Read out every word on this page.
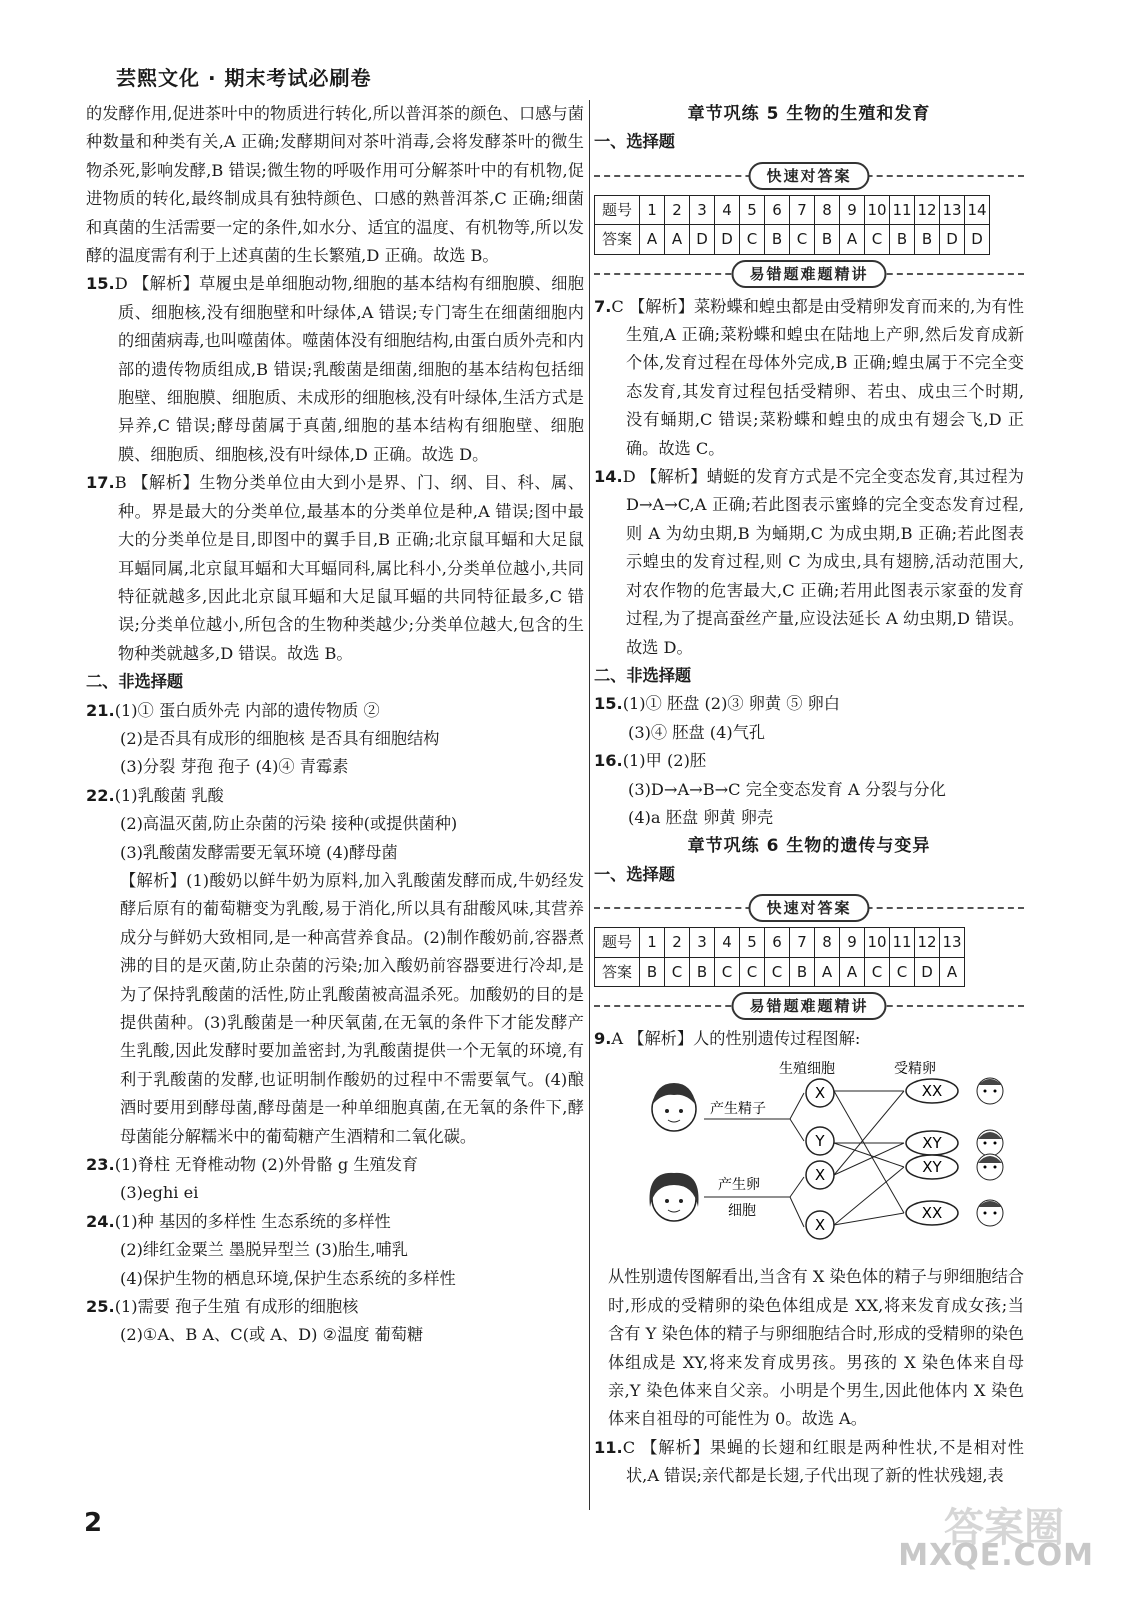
芸熙文化 · 期末考试必刷卷

的发酵作用,促进茶叶中的物质进行转化,所以普洱茶的颜色、口感与菌种数量和种类有关,A 正确;发酵期间对茶叶消毒,会将发酵茶叶的微生物杀死,影响发酵,B 错误;微生物的呼吸作用可分解茶叶中的有机物,促进物质的转化,最终制成具有独特颜色、口感的熟普洱茶,C 正确;细菌和真菌的生活需要一定的条件,如水分、适宜的温度、有机物等,所以发酵的温度需有利于上述真菌的生长繁殖,D 正确。故选 B。

15.D 【解析】草履虫是单细胞动物,细胞的基本结构有细胞膜、细胞质、细胞核,没有细胞壁和叶绿体,A 错误;专门寄生在细菌细胞内的细菌病毒,也叫噬菌体。噬菌体没有细胞结构,由蛋白质外壳和内部的遗传物质组成,B 错误;乳酸菌是细菌,细胞的基本结构包括细胞壁、细胞膜、细胞质、未成形的细胞核,没有叶绿体,生活方式是异养,C 错误;酵母菌属于真菌,细胞的基本结构有细胞壁、细胞膜、细胞质、细胞核,没有叶绿体,D 正确。故选 D。

17.B 【解析】生物分类单位由大到小是界、门、纲、目、科、属、种。界是最大的分类单位,最基本的分类单位是种,A 错误;图中最大的分类单位是目,即图中的翼手目,B 正确;北京鼠耳蝠和大足鼠耳蝠同属,北京鼠耳蝠和大耳蝠同科,属比科小,分类单位越小,共同特征就越多,因此北京鼠耳蝠和大足鼠耳蝠的共同特征最多,C 错误;分类单位越小,所包含的生物种类越少;分类单位越大,包含的生物种类就越多,D 错误。故选 B。

二、非选择题

21.(1)① 蛋白质外壳 内部的遗传物质 ②

(2)是否具有成形的细胞核 是否具有细胞结构

(3)分裂 芽孢 孢子 (4)④ 青霉素

22.(1)乳酸菌 乳酸

(2)高温灭菌,防止杂菌的污染 接种(或提供菌种)

(3)乳酸菌发酵需要无氧环境 (4)酵母菌

【解析】(1)酸奶以鲜牛奶为原料,加入乳酸菌发酵而成,牛奶经发酵后原有的葡萄糖变为乳酸,易于消化,所以具有甜酸风味,其营养成分与鲜奶大致相同,是一种高营养食品。(2)制作酸奶前,容器煮沸的目的是灭菌,防止杂菌的污染;加入酸奶前容器要进行冷却,是为了保持乳酸菌的活性,防止乳酸菌被高温杀死。加酸奶的目的是提供菌种。(3)乳酸菌是一种厌氧菌,在无氧的条件下才能发酵产生乳酸,因此发酵时要加盖密封,为乳酸菌提供一个无氧的环境,有利于乳酸菌的发酵,也证明制作酸奶的过程中不需要氧气。(4)酿酒时要用到酵母菌,酵母菌是一种单细胞真菌,在无氧的条件下,酵母菌能分解糯米中的葡萄糖产生酒精和二氧化碳。

23.(1)脊柱 无脊椎动物 (2)外骨骼 g 生殖发育

(3)eghi ei

24.(1)种 基因的多样性 生态系统的多样性

(2)绯红金粟兰 墨脱异型兰 (3)胎生,哺乳

(4)保护生物的栖息环境,保护生态系统的多样性

25.(1)需要 孢子生殖 有成形的细胞核

(2)①A、B A、C(或 A、D) ②温度 葡萄糖

章节巩练 5 生物的生殖和发育

一、选择题

快速对答案
题号	1	2	3	4	5	6	7	8	9	10	11	12	13	14
答案	A	A	D	D	C	B	C	B	A	C	B	B	D	D
易错题难题精讲

7.C 【解析】菜粉蝶和蝗虫都是由受精卵发育而来的,为有性生殖,A 正确;菜粉蝶和蝗虫在陆地上产卵,然后发育成新个体,发育过程在母体外完成,B 正确;蝗虫属于不完全变态发育,其发育过程包括受精卵、若虫、成虫三个时期,没有蛹期,C 错误;菜粉蝶和蝗虫的成虫有翅会飞,D 正确。故选 C。

14.D 【解析】蜻蜓的发育方式是不完全变态发育,其过程为 D→A→C,A 正确;若此图表示蜜蜂的完全变态发育过程,则 A 为幼虫期,B 为蛹期,C 为成虫期,B 正确;若此图表示蝗虫的发育过程,则 C 为成虫,具有翅膀,活动范围大,对农作物的危害最大,C 正确;若用此图表示家蚕的发育过程,为了提高蚕丝产量,应设法延长 A 幼虫期,D 错误。故选 D。

二、非选择题

15.(1)① 胚盘 (2)③ 卵黄 ⑤ 卵白

(3)④ 胚盘 (4)气孔

16.(1)甲 (2)胚

(3)D→A→B→C 完全变态发育 A 分裂与分化

(4)a 胚盘 卵黄 卵壳

章节巩练 6 生物的遗传与变异

一、选择题

快速对答案
题号	1	2	3	4	5	6	7	8	9	10	11	12	13
答案	B	C	B	C	C	C	B	A	A	C	C	D	A
易错题难题精讲

9.A 【解析】人的性别遗传过程图解:

生殖细胞	受精卵
产生精子
产生卵
细胞
X
Y
X
X
XX
XY
XY
XX

从性别遗传图解看出,当含有 X 染色体的精子与卵细胞结合时,形成的受精卵的染色体组成是 XX,将来发育成女孩;当含有 Y 染色体的精子与卵细胞结合时,形成的受精卵的染色体组成是 XY,将来发育成男孩。男孩的 X 染色体来自母亲,Y 染色体来自父亲。小明是个男生,因此他体内 X 染色体来自祖母的可能性为 0。故选 A。

11.C 【解析】果蝇的长翅和红眼是两种性状,不是相对性状,A 错误;亲代都是长翅,子代出现了新的性状残翅,表

2	答案圈
MXQE.COM
